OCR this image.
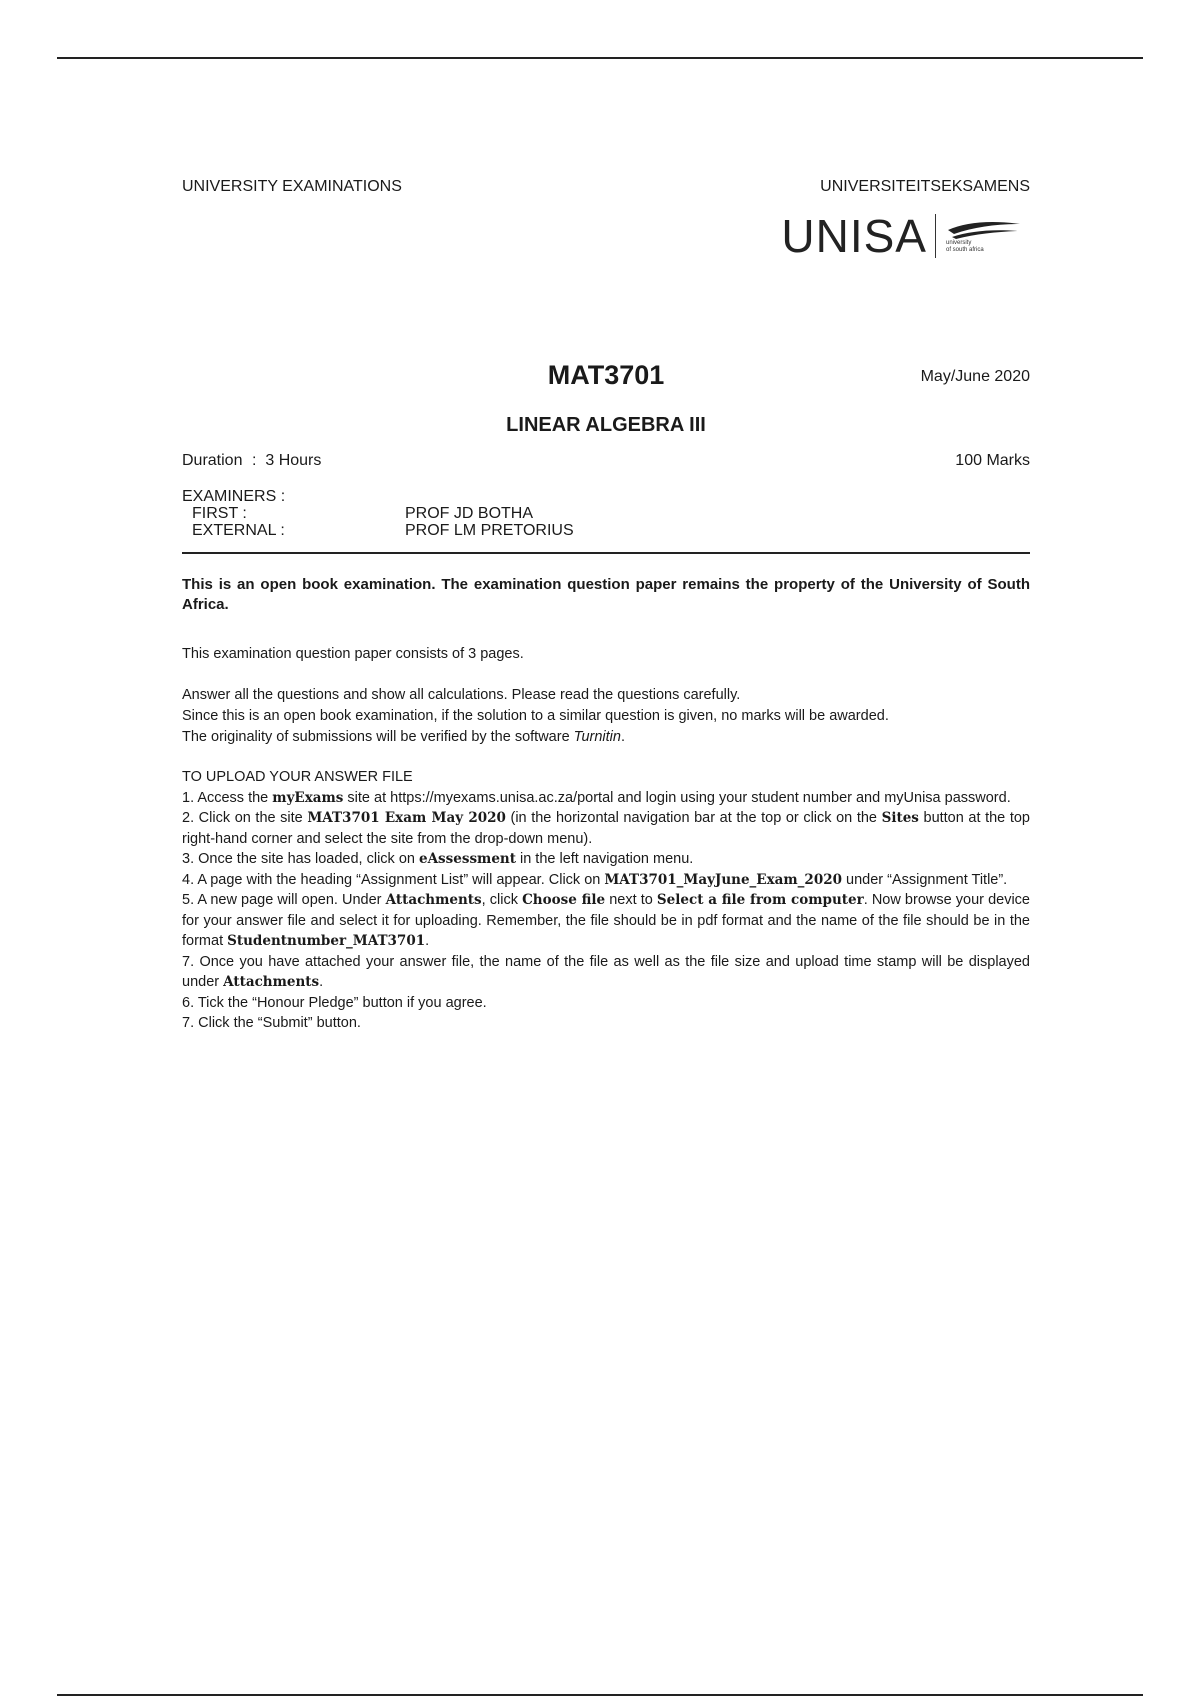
UNIVERSITY EXAMINATIONS	UNIVERSITEITSEKSAMENS
UNISA	university
of south africa
MAT3701	May/June 2020
LINEAR ALGEBRA III
Duration : 3 Hours	100 Marks
EXAMINERS :
FIRST :	PROF JD BOTHA
EXTERNAL :	PROF LM PRETORIUS
This is an open book examination. The examination question paper remains the property of the University of South Africa.
This examination question paper consists of 3 pages.
Answer all the questions and show all calculations. Please read the questions carefully.
Since this is an open book examination, if the solution to a similar question is given, no marks will be awarded.
The originality of submissions will be verified by the software Turnitin.
TO UPLOAD YOUR ANSWER FILE
1. Access the myExams site at https://myexams.unisa.ac.za/portal and login using your student number and myUnisa password.
2. Click on the site MAT3701 Exam May 2020 (in the horizontal navigation bar at the top or click on the Sites button at the top right-hand corner and select the site from the drop-down menu).
3. Once the site has loaded, click on eAssessment in the left navigation menu.
4. A page with the heading “Assignment List” will appear. Click on MAT3701_MayJune_Exam_2020 under “Assignment Title”.
5. A new page will open. Under Attachments, click Choose file next to Select a file from computer. Now browse your device for your answer file and select it for uploading. Remember, the file should be in pdf format and the name of the file should be in the format Studentnumber_MAT3701.
7. Once you have attached your answer file, the name of the file as well as the file size and upload time stamp will be displayed under Attachments.
6. Tick the “Honour Pledge” button if you agree.
7. Click the “Submit” button.
